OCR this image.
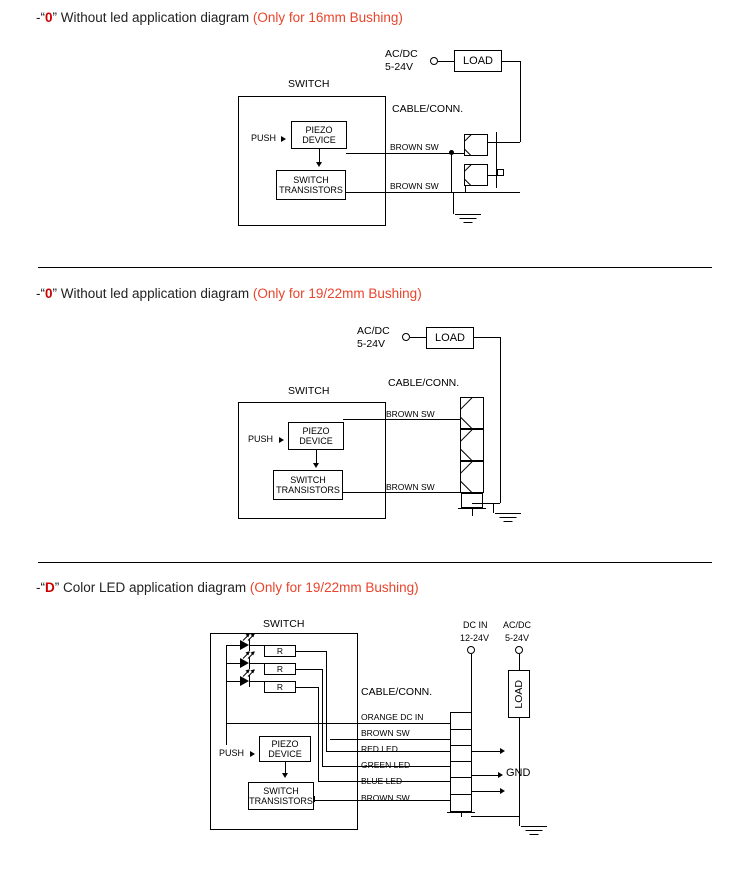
-“0” Without led application diagram (Only for 16mm Bushing)
AC/DC
5-24V
LOAD
SWITCH
CABLE/CONN.
PUSH
PIEZO
DEVICE
SWITCH
TRANSISTORS
BROWN SW
BROWN SW
-“0” Without led application diagram (Only for 19/22mm Bushing)
AC/DC
5-24V
LOAD
SWITCH
CABLE/CONN.
PUSH
PIEZO
DEVICE
SWITCH
TRANSISTORS
BROWN SW
BROWN SW
-“D” Color LED application diagram (Only for 19/22mm Bushing)
DC IN
12-24V
AC/DC
5-24V
LOAD
SWITCH
R
R
R	CABLE/CONN.
PUSH
PIEZO
DEVICE
SWITCH
TRANSISTORS
ORANGE DC IN
BROWN SW
RED LED
GREEN LED
BLUE LED
BROWN SW
GND
